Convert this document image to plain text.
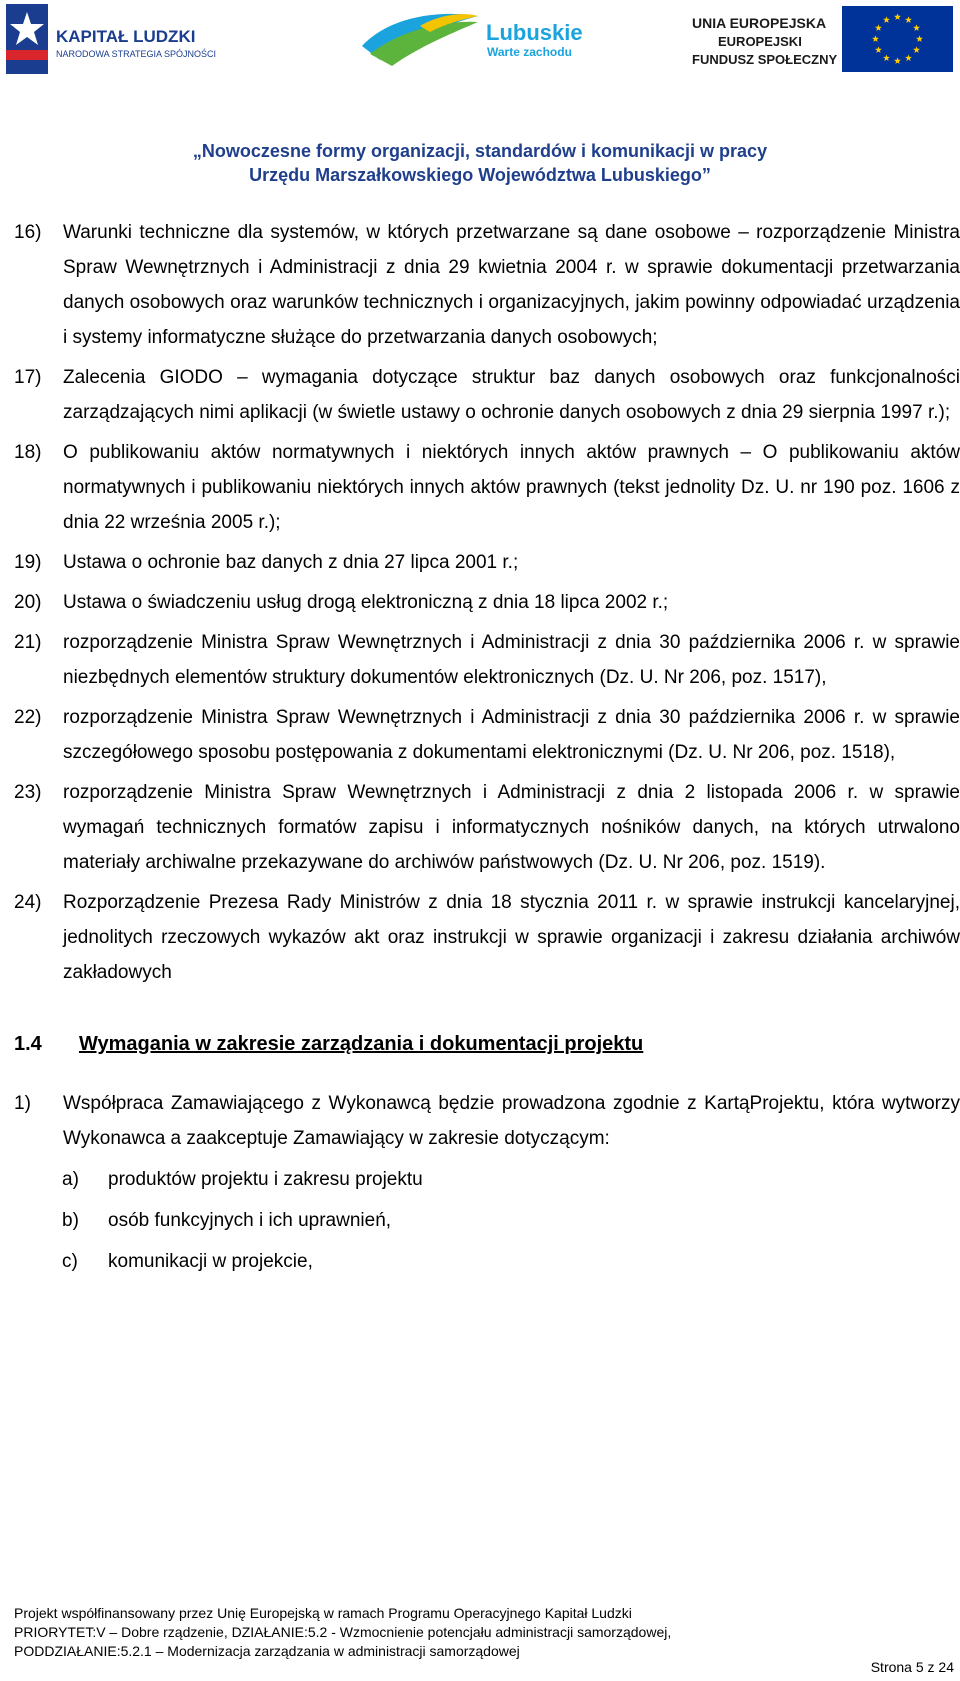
KAPITAŁ LUDZKI
NARODOWA STRATEGIA SPÓJNOŚCI
Lubuskie
Warte zachodu
UNIA EUROPEJSKA
EUROPEJSKI
FUNDUSZ SPOŁECZNY
„Nowoczesne formy organizacji, standardów i komunikacji w pracy
Urzędu Marszałkowskiego Województwa Lubuskiego”
16) Warunki techniczne dla systemów, w których przetwarzane są dane osobowe – rozporządzenie Ministra Spraw Wewnętrznych i Administracji z dnia 29 kwietnia 2004 r. w sprawie dokumentacji przetwarzania danych osobowych oraz warunków technicznych i organizacyjnych, jakim powinny odpowiadać urządzenia i systemy informatyczne służące do przetwarzania danych osobowych;
17) Zalecenia GIODO – wymagania dotyczące struktur baz danych osobowych oraz funkcjonalności zarządzających nimi aplikacji (w świetle ustawy o ochronie danych osobowych z dnia 29 sierpnia 1997 r.);
18) O publikowaniu aktów normatywnych i niektórych innych aktów prawnych – O publikowaniu aktów normatywnych i publikowaniu niektórych innych aktów prawnych (tekst jednolity Dz. U. nr 190 poz. 1606 z dnia 22 września 2005 r.);
19) Ustawa o ochronie baz danych z dnia 27 lipca 2001 r.;
20) Ustawa o świadczeniu usług drogą elektroniczną z dnia 18 lipca 2002 r.;
21) rozporządzenie Ministra Spraw Wewnętrznych i Administracji z dnia 30 października 2006 r. w sprawie niezbędnych elementów struktury dokumentów elektronicznych (Dz. U. Nr 206, poz. 1517),
22) rozporządzenie Ministra Spraw Wewnętrznych i Administracji z dnia 30 października 2006 r. w sprawie szczegółowego sposobu postępowania z dokumentami elektronicznymi (Dz. U. Nr 206, poz. 1518),
23) rozporządzenie Ministra Spraw Wewnętrznych i Administracji z dnia 2 listopada 2006 r. w sprawie wymagań technicznych formatów zapisu i informatycznych nośników danych, na których utrwalono materiały archiwalne przekazywane do archiwów państwowych (Dz. U. Nr 206, poz. 1519).
24) Rozporządzenie Prezesa Rady Ministrów z dnia 18 stycznia 2011 r. w sprawie instrukcji kancelaryjnej, jednolitych rzeczowych wykazów akt oraz instrukcji w sprawie organizacji i zakresu działania archiwów zakładowych
1.4 Wymagania w zakresie zarządzania i dokumentacji projektu
1) Współpraca Zamawiającego z Wykonawcą będzie prowadzona zgodnie z KartąProjektu, która wytworzy Wykonawca a zaakceptuje Zamawiający w zakresie dotyczącym:
a) produktów projektu i zakresu projektu
b) osób funkcyjnych i ich uprawnień,
c) komunikacji w projekcie,
Projekt współfinansowany przez Unię Europejską w ramach Programu Operacyjnego Kapitał Ludzki
PRIORYTET:V – Dobre rządzenie, DZIAŁANIE:5.2 - Wzmocnienie potencjału administracji samorządowej,
PODDZIAŁANIE:5.2.1 – Modernizacja zarządzania w administracji samorządowej
Strona 5 z 24
